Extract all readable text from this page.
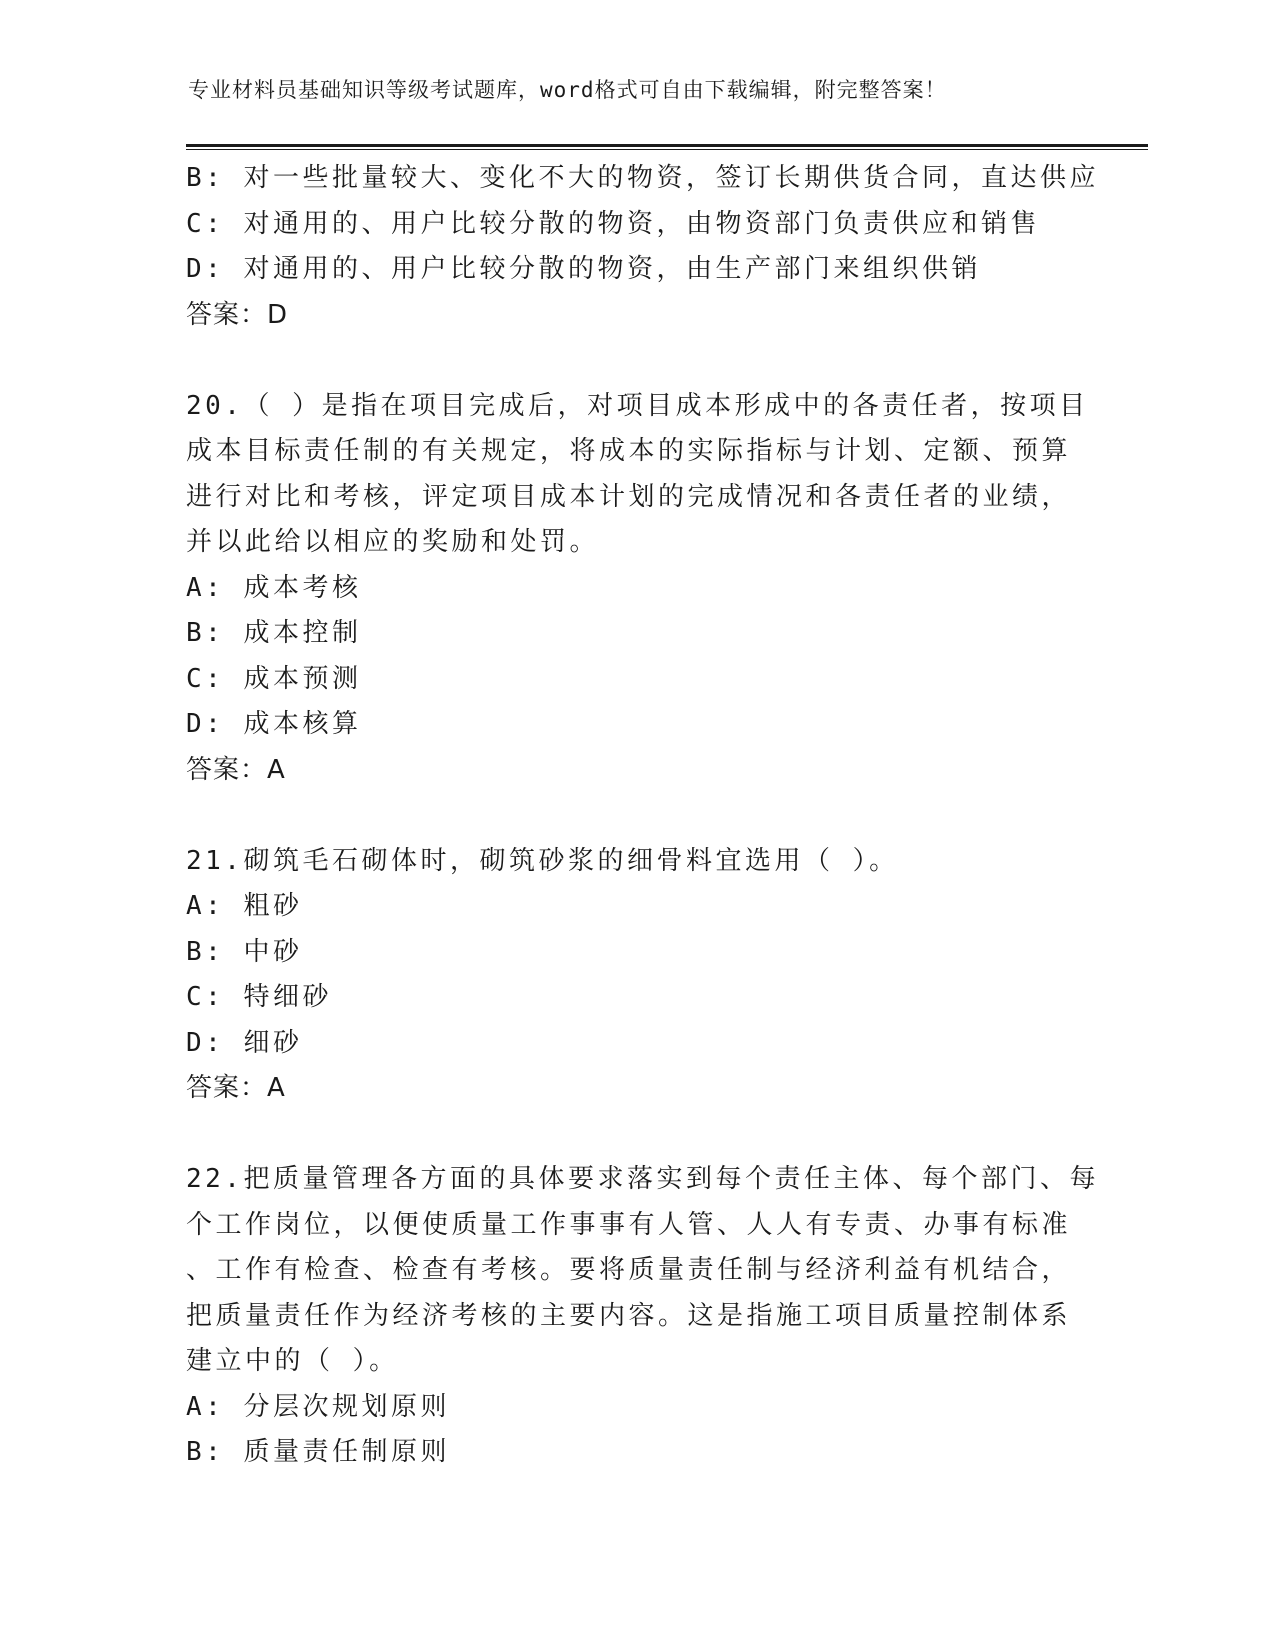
专业材料员基础知识等级考试题库，word格式可自由下载编辑，附完整答案！
B: 对一些批量较大、变化不大的物资，签订长期供货合同，直达供应
C: 对通用的、用户比较分散的物资，由物资部门负责供应和销售
D: 对通用的、用户比较分散的物资，由生产部门来组织供销
答案：D
20.（ ）是指在项目完成后，对项目成本形成中的各责任者，按项目
成本目标责任制的有关规定，将成本的实际指标与计划、定额、预算
进行对比和考核，评定项目成本计划的完成情况和各责任者的业绩，
并以此给以相应的奖励和处罚。
A: 成本考核
B: 成本控制
C: 成本预测
D: 成本核算
答案：A
21.砌筑毛石砌体时，砌筑砂浆的细骨料宜选用（ ）。
A: 粗砂
B: 中砂
C: 特细砂
D: 细砂
答案：A
22.把质量管理各方面的具体要求落实到每个责任主体、每个部门、每
个工作岗位，以便使质量工作事事有人管、人人有专责、办事有标准
、工作有检查、检查有考核。要将质量责任制与经济利益有机结合，
把质量责任作为经济考核的主要内容。这是指施工项目质量控制体系
建立中的（ ）。
A: 分层次规划原则
B: 质量责任制原则
